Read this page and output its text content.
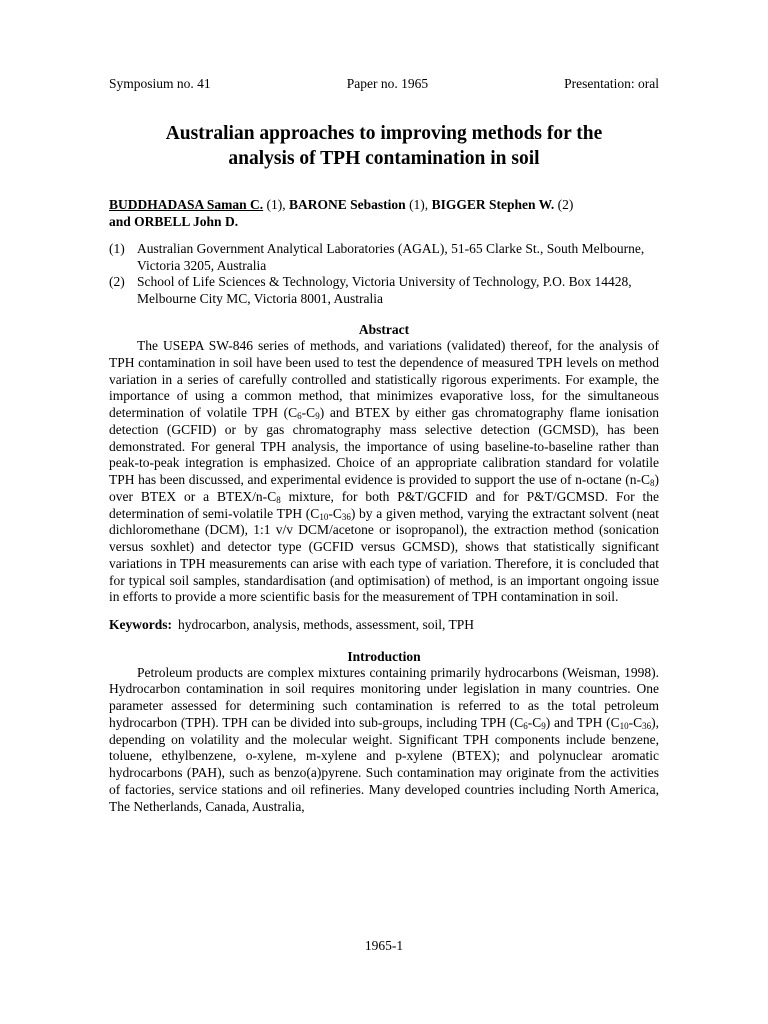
Symposium no. 41	Paper no. 1965	Presentation: oral
Australian approaches to improving methods for the
analysis of TPH contamination in soil
BUDDHADASA Saman C. (1), BARONE Sebastion (1), BIGGER Stephen W. (2)
and ORBELL John D.
(1) Australian Government Analytical Laboratories (AGAL), 51-65 Clarke St., South Melbourne, Victoria 3205, Australia
(2) School of Life Sciences & Technology, Victoria University of Technology, P.O. Box 14428, Melbourne City MC, Victoria 8001, Australia
Abstract

The USEPA SW-846 series of methods, and variations (validated) thereof, for the analysis of TPH contamination in soil have been used to test the dependence of measured TPH levels on method variation in a series of carefully controlled and statistically rigorous experiments. For example, the importance of using a common method, that minimizes evaporative loss, for the simultaneous determination of volatile TPH $(C_6-C_9)$ and BTEX by either gas chromatography flame ionisation detection (GCFID) or by gas chromatography mass selective detection (GCMSD), has been demonstrated. For general TPH analysis, the importance of using baseline-to-baseline rather than peak-to-peak integration is emphasized. Choice of an appropriate calibration standard for volatile TPH has been discussed, and experimental evidence is provided to support the use of n-octane $(n-C_8)$ over BTEX or a BTEX/$n-C_8$ mixture, for both P&T/GCFID and for P&T/GCMSD. For the determination of semi-volatile TPH $(C_{10}-C_{36})$ by a given method, varying the extractant solvent (neat dichloromethane (DCM), 1:1 v/v DCM/acetone or isopropanol), the extraction method (sonication versus soxhlet) and detector type (GCFID versus GCMSD), shows that statistically significant variations in TPH measurements can arise with each type of variation. Therefore, it is concluded that for typical soil samples, standardisation (and optimisation) of method, is an important ongoing issue in efforts to provide a more scientific basis for the measurement of TPH contamination in soil.

Keywords: hydrocarbon, analysis, methods, assessment, soil, TPH
Introduction

Petroleum products are complex mixtures containing primarily hydrocarbons (Weisman, 1998). Hydrocarbon contamination in soil requires monitoring under legislation in many countries. One parameter assessed for determining such contamination is referred to as the total petroleum hydrocarbon (TPH). TPH can be divided into sub-groups, including TPH $(C_6-C_9)$ and TPH $(C_{10}-C_{36})$, depending on volatility and the molecular weight. Significant TPH components include benzene, toluene, ethylbenzene, o-xylene, m-xylene and p-xylene (BTEX); and polynuclear aromatic hydrocarbons (PAH), such as benzo(a)pyrene. Such contamination may originate from the activities of factories, service stations and oil refineries. Many developed countries including North America, The Netherlands, Canada, Australia,

1965-1
